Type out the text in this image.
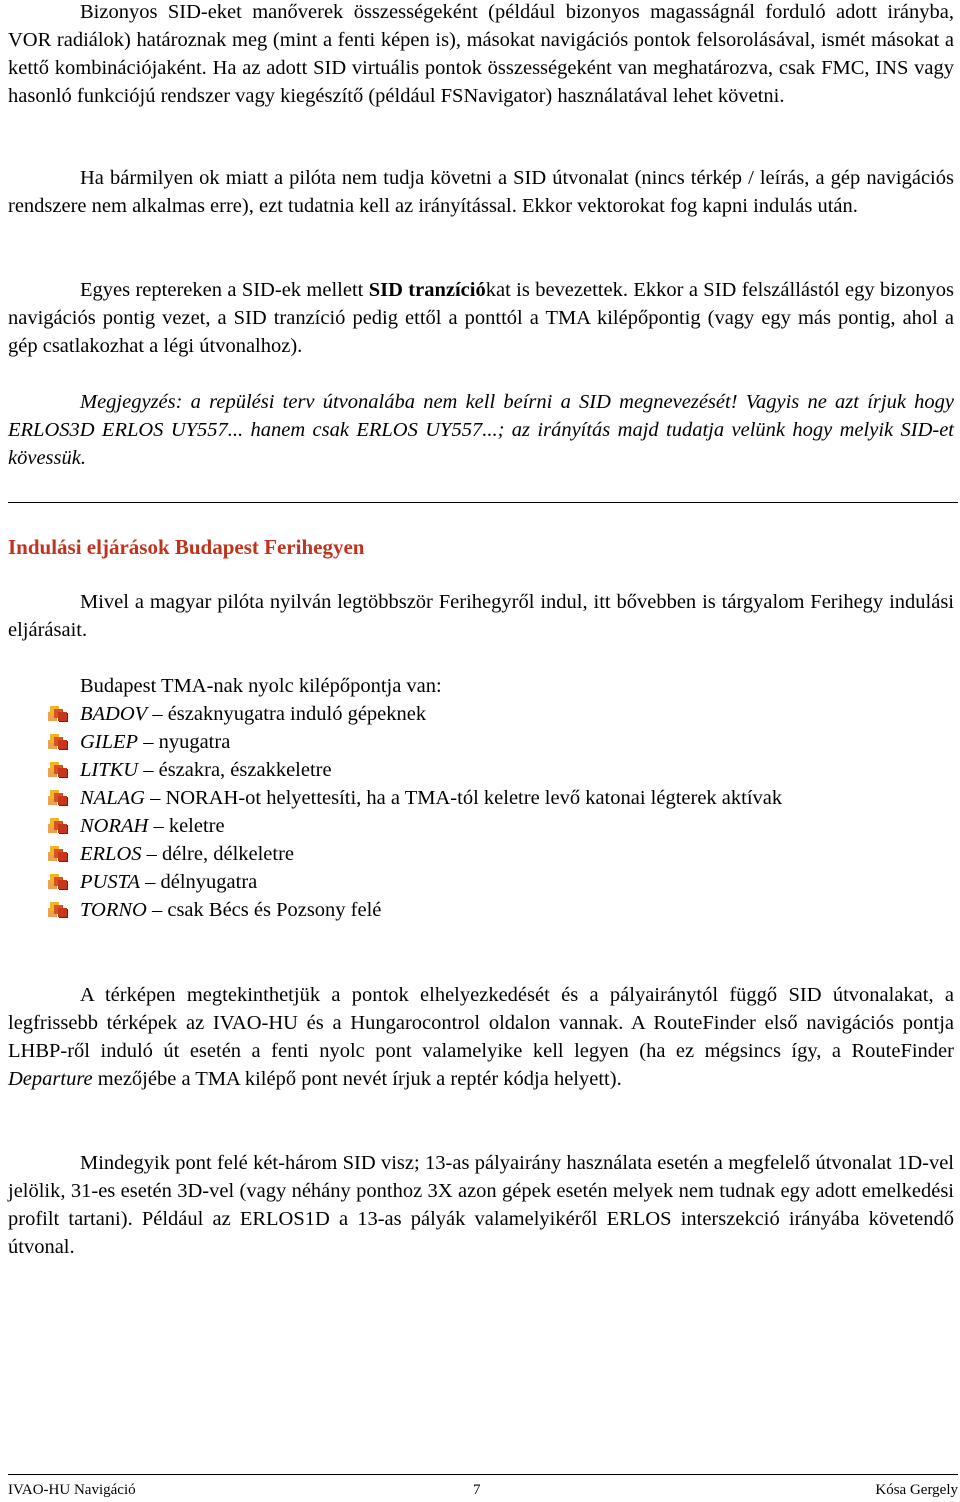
Bizonyos SID-eket manőverek összességeként (például bizonyos magasságnál forduló adott irányba, VOR radiálok) határoznak meg (mint a fenti képen is), másokat navigációs pontok felsorolásával, ismét másokat a kettő kombinációjaként. Ha az adott SID virtuális pontok összességeként van meghatározva, csak FMC, INS vagy hasonló funkciójú rendszer vagy kiegészítő (például FSNavigator) használatával lehet követni.

Ha bármilyen ok miatt a pilóta nem tudja követni a SID útvonalat (nincs térkép / leírás, a gép navigációs rendszere nem alkalmas erre), ezt tudatnia kell az irányítással. Ekkor vektorokat fog kapni indulás után.

Egyes reptereken a SID-ek mellett SID tranzíciókat is bevezettek. Ekkor a SID felszállástól egy bizonyos navigációs pontig vezet, a SID tranzíció pedig ettől a ponttól a TMA kilépőpontig (vagy egy más pontig, ahol a gép csatlakozhat a légi útvonalhoz).

Megjegyzés: a repülési terv útvonalába nem kell beírni a SID megnevezését! Vagyis ne azt írjuk hogy ERLOS3D ERLOS UY557... hanem csak ERLOS UY557...; az irányítás majd tudatja velünk hogy melyik SID-et kövessük.

Indulási eljárások Budapest Ferihegyen

Mivel a magyar pilóta nyilván legtöbbször Ferihegyről indul, itt bővebben is tárgyalom Ferihegy indulási eljárásait.

Budapest TMA-nak nyolc kilépőpontja van:
BADOV – északnyugatra induló gépeknek
GILEP – nyugatra
LITKU – északra, északkeletre
NALAG – NORAH-ot helyettesíti, ha a TMA-tól keletre levő katonai légterek aktívak
NORAH – keletre
ERLOS – délre, délkeletre
PUSTA – délnyugatra
TORNO – csak Bécs és Pozsony felé

A térképen megtekinthetjük a pontok elhelyezkedését és a pályairánytól függő SID útvonalakat, a legfrissebb térképek az IVAO-HU és a Hungarocontrol oldalon vannak. A RouteFinder első navigációs pontja LHBP-ről induló út esetén a fenti nyolc pont valamelyike kell legyen (ha ez mégsincs így, a RouteFinder Departure mezőjébe a TMA kilépő pont nevét írjuk a reptér kódja helyett).

Mindegyik pont felé két-három SID visz; 13-as pályairány használata esetén a megfelelő útvonalat 1D-vel jelölik, 31-es esetén 3D-vel (vagy néhány ponthoz 3X azon gépek esetén melyek nem tudnak egy adott emelkedési profilt tartani). Például az ERLOS1D a 13-as pályák valamelyikéről ERLOS interszekció irányába követendő útvonal.

IVAO-HU Navigáció	7	Kósa Gergely
